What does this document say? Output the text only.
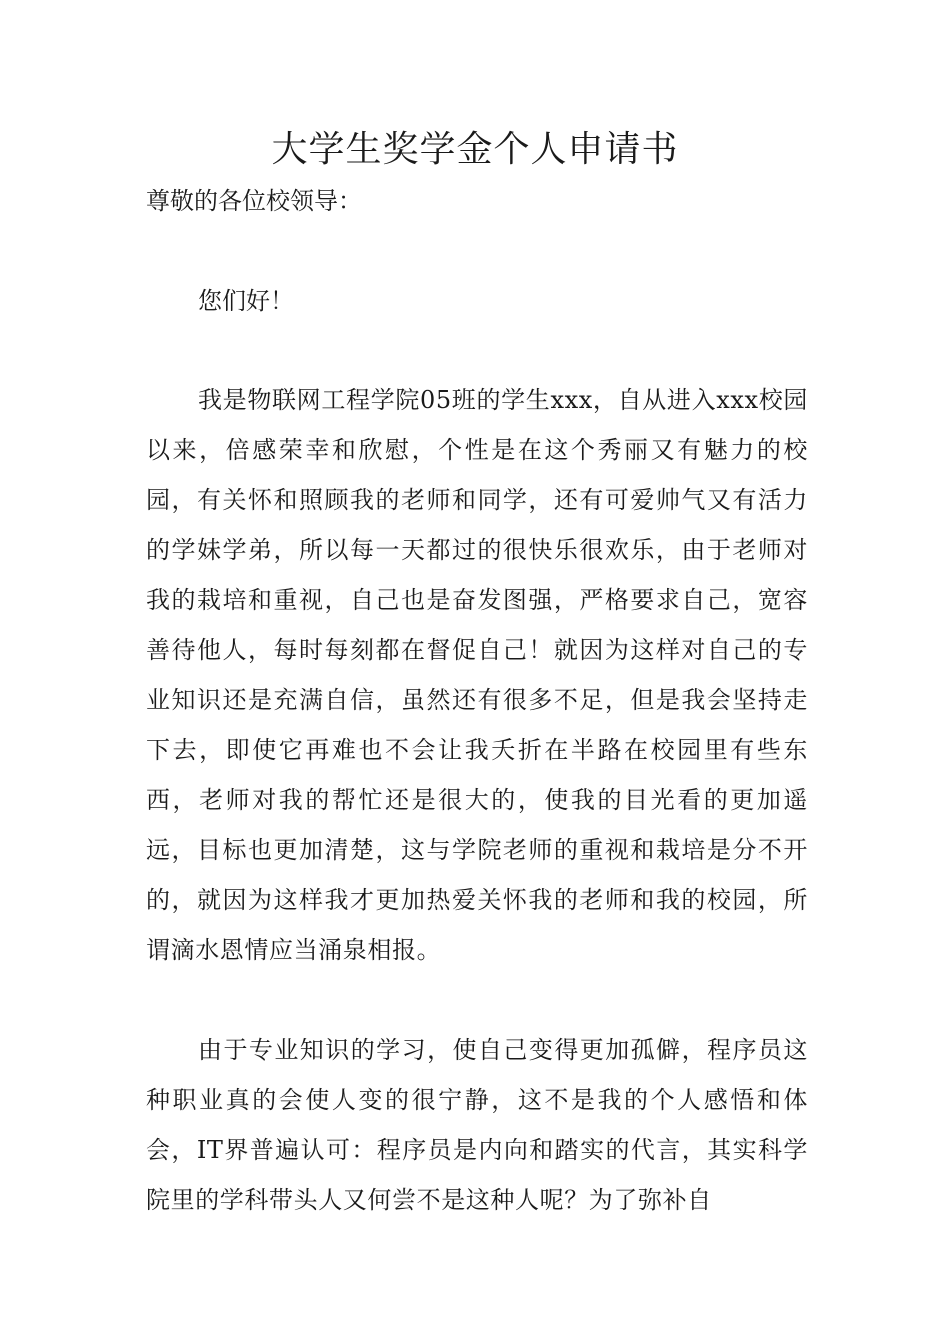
大学生奖学金个人申请书

尊敬的各位校领导：

您们好！

我是物联网工程学院05班的学生xxx，自从进入xxx校园以来，倍感荣幸和欣慰，个性是在这个秀丽又有魅力的校园，有关怀和照顾我的老师和同学，还有可爱帅气又有活力的学妹学弟，所以每一天都过的很快乐很欢乐，由于老师对我的栽培和重视，自己也是奋发图强，严格要求自己，宽容善待他人，每时每刻都在督促自己！就因为这样对自己的专业知识还是充满自信，虽然还有很多不足，但是我会坚持走下去，即使它再难也不会让我夭折在半路在校园里有些东西，老师对我的帮忙还是很大的，使我的目光看的更加遥远，目标也更加清楚，这与学院老师的重视和栽培是分不开的，就因为这样我才更加热爱关怀我的老师和我的校园，所谓滴水恩情应当涌泉相报。

由于专业知识的学习，使自己变得更加孤僻，程序员这种职业真的会使人变的很宁静，这不是我的个人感悟和体会，IT界普遍认可：程序员是内向和踏实的代言，其实科学院里的学科带头人又何尝不是这种人呢？为了弥补自
